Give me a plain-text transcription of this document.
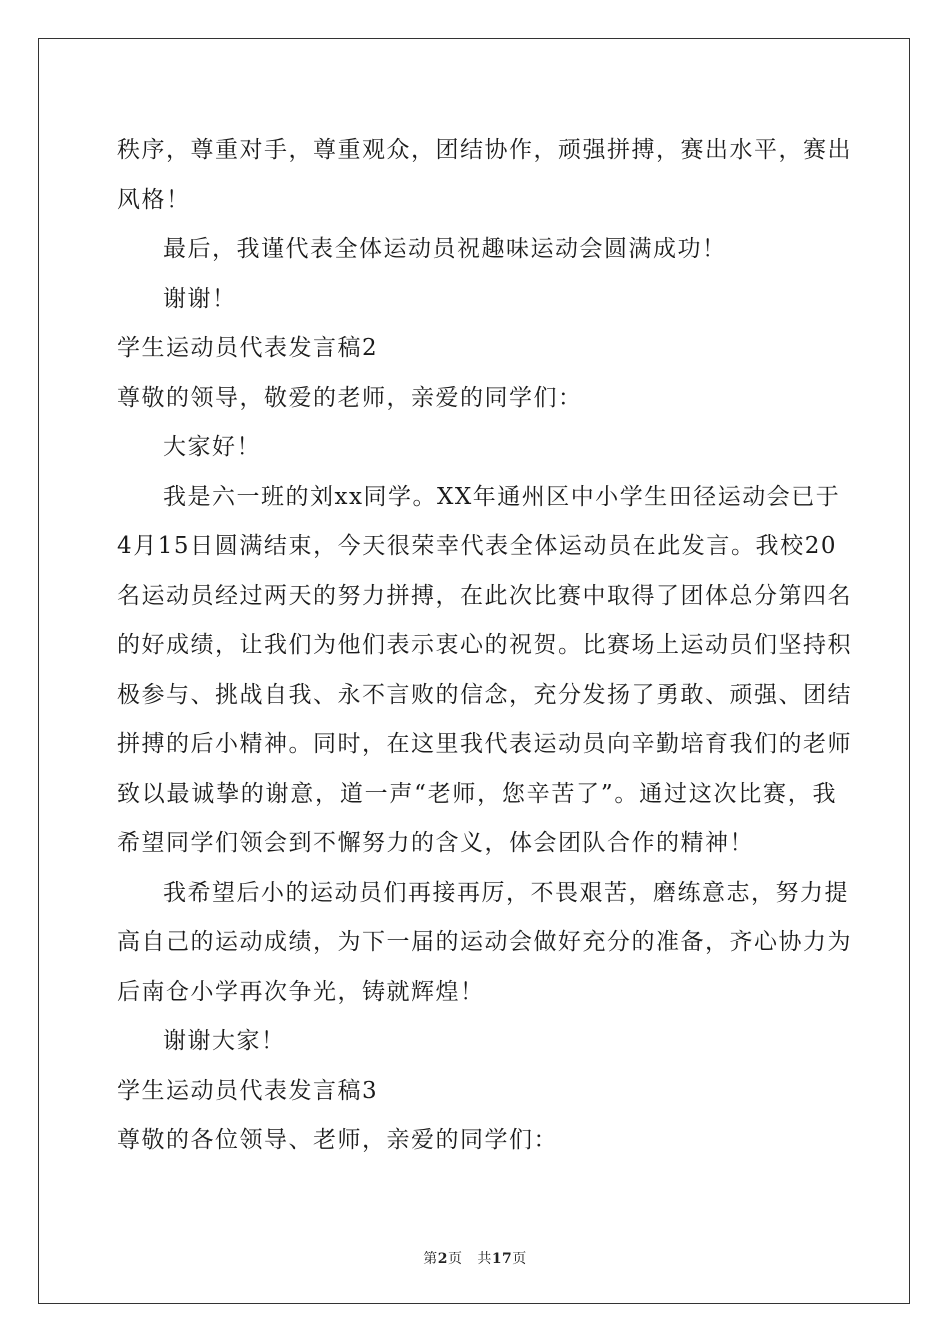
秩序，尊重对手，尊重观众，团结协作，顽强拼搏，赛出水平，赛出
风格！
最后，我谨代表全体运动员祝趣味运动会圆满成功！
谢谢！
学生运动员代表发言稿2
尊敬的领导，敬爱的老师，亲爱的同学们：
大家好！
我是六一班的刘xx同学。XX年通州区中小学生田径运动会已于
4月15日圆满结束，今天很荣幸代表全体运动员在此发言。我校20
名运动员经过两天的努力拼搏，在此次比赛中取得了团体总分第四名
的好成绩，让我们为他们表示衷心的祝贺。比赛场上运动员们坚持积
极参与、挑战自我、永不言败的信念，充分发扬了勇敢、顽强、团结
拼搏的后小精神。同时，在这里我代表运动员向辛勤培育我们的老师
致以最诚挚的谢意，道一声“老师，您辛苦了”。通过这次比赛，我
希望同学们领会到不懈努力的含义，体会团队合作的精神！
我希望后小的运动员们再接再厉，不畏艰苦，磨练意志，努力提
高自己的运动成绩，为下一届的运动会做好充分的准备，齐心协力为
后南仓小学再次争光，铸就辉煌！
谢谢大家！
学生运动员代表发言稿3
尊敬的各位领导、老师，亲爱的同学们：
第2页 共17页
